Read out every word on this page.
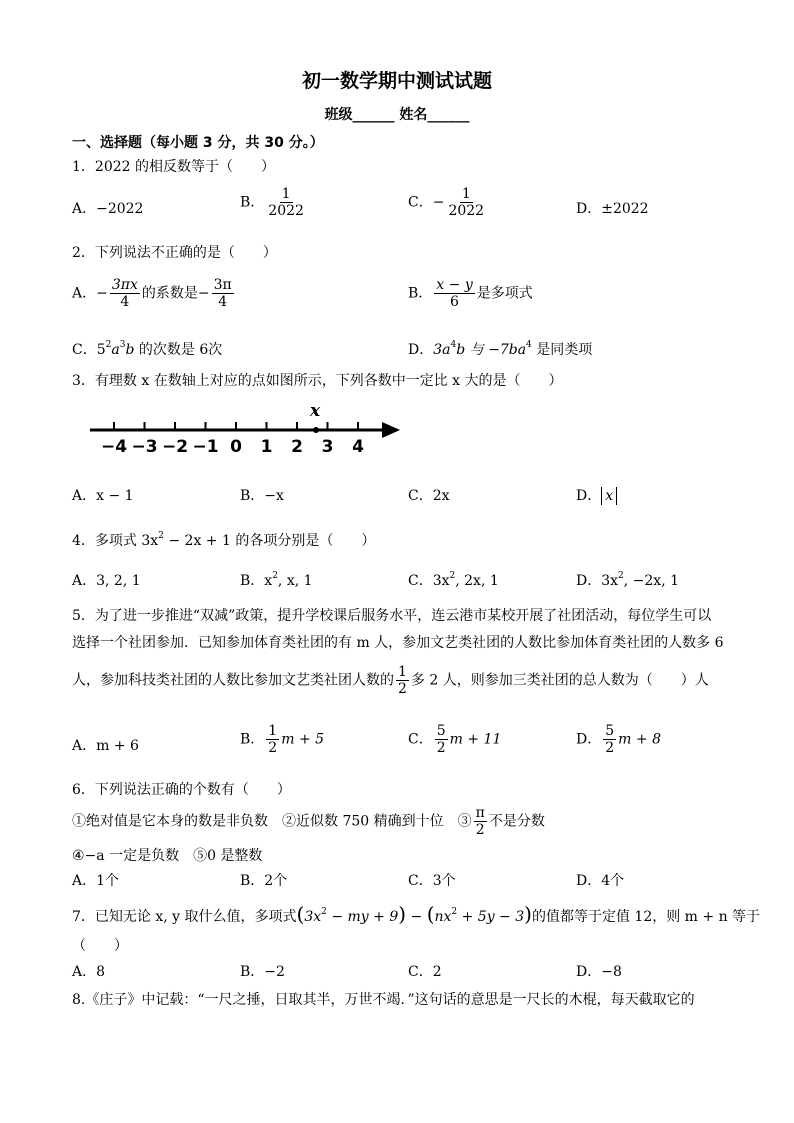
初一数学期中测试试题
班级______ 姓名______
一、选择题（每小题 3 分，共 30 分。）
1．2022 的相反数等于（　　）
A．−2022	B． $\frac{1}{2022}$	C．− $\frac{1}{2022}$	D．±2022
2．下列说法不正确的是（　　）
A．− $\frac{3\pi x}{4}$ 的系数是− $\frac{3\pi}{4}$	B． $\frac{x - y}{6}$ 是多项式
C．$5^2a^3b$ 的次数是 6次	D．$3a^4b$ 与 $-7ba^4$ 是同类项
3．有理数 x 在数轴上对应的点如图所示，下列各数中一定比 x 大的是（　　）
−4 −3 −2 −1 0 1 2 3 4
x
A．x − 1	B．−x	C．2x	D． x
4．多项式 $3x^2 - 2x + 1$ 的各项分别是（　　）
A．3, 2, 1	B．$x^2$, x, 1	C．$3x^2$, 2x, 1	D．$3x^2$, −2x, 1
5．为了进一步推进“双减”政策，提升学校课后服务水平，连云港市某校开展了社团活动，每位学生可以
选择一个社团参加．已知参加体育类社团的有 m 人，参加文艺类社团的人数比参加体育类社团的人数多 6
人，参加科技类社团的人数比参加文艺类社团人数的 $\frac{1}{2}$ 多 2 人，则参加三类社团的总人数为（　　）人
A．m + 6	B． $\frac{1}{2}$ m + 5	C． $\frac{5}{2}$ m + 11	D． $\frac{5}{2}$ m + 8
6．下列说法正确的个数有（　　）
①绝对值是它本身的数是非负数　②近似数 750 精确到十位　③ $\frac{\pi}{2}$ 不是分数
④−a 一定是负数　⑤0 是整数
A．1个	B．2个	C．3个	D．4个
7．已知无论 x, y 取什么值，多项式($3x^2$ − my + $9) - (nx^2 + 5y - 3)$的值都等于定值 12，则 m + n 等于
（　　）
A．8	B．−2	C．2	D．−8
8.《庄子》中记载：“一尺之捶，日取其半，万世不竭．”这句话的意思是一尺长的木棍，每天截取它的
